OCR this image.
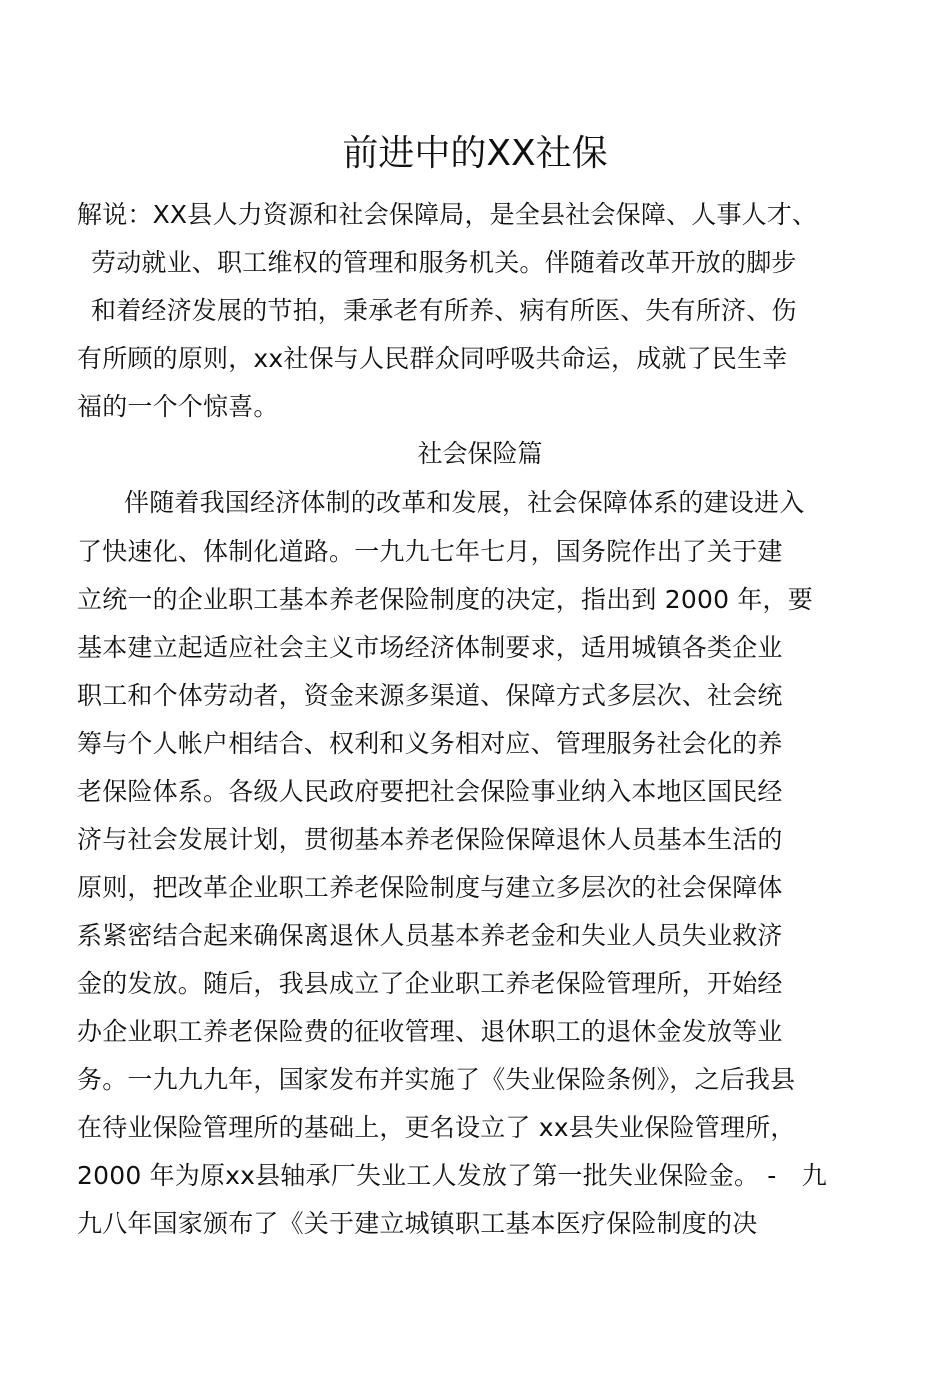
前进中的XX社保
解说：XX县人力资源和社会保障局，是全县社会保障、人事人才、
劳动就业、职工维权的管理和服务机关。伴随着改革开放的脚步
和着经济发展的节拍，秉承老有所养、病有所医、失有所济、伤
有所顾的原则，xx社保与人民群众同呼吸共命运，成就了民生幸
福的一个个惊喜。
社会保险篇
伴随着我国经济体制的改革和发展，社会保障体系的建设进入
了快速化、体制化道路。一九九七年七月，国务院作出了关于建
立统一的企业职工基本养老保险制度的决定，指出到 2000 年，要
基本建立起适应社会主义市场经济体制要求，适用城镇各类企业
职工和个体劳动者，资金来源多渠道、保障方式多层次、社会统
筹与个人帐户相结合、权利和义务相对应、管理服务社会化的养
老保险体系。各级人民政府要把社会保险事业纳入本地区国民经
济与社会发展计划，贯彻基本养老保险保障退休人员基本生活的
原则，把改革企业职工养老保险制度与建立多层次的社会保障体
系紧密结合起来确保离退休人员基本养老金和失业人员失业救济
金的发放。随后，我县成立了企业职工养老保险管理所，开始经
办企业职工养老保险费的征收管理、退休职工的退休金发放等业
务。一九九九年，国家发布并实施了《失业保险条例》，之后我县
在待业保险管理所的基础上，更名设立了 xx县失业保险管理所，
2000 年为原xx县轴承厂失业工人发放了第一批失业保险金。 -　九
九八年国家颁布了《关于建立城镇职工基本医疗保险制度的决
